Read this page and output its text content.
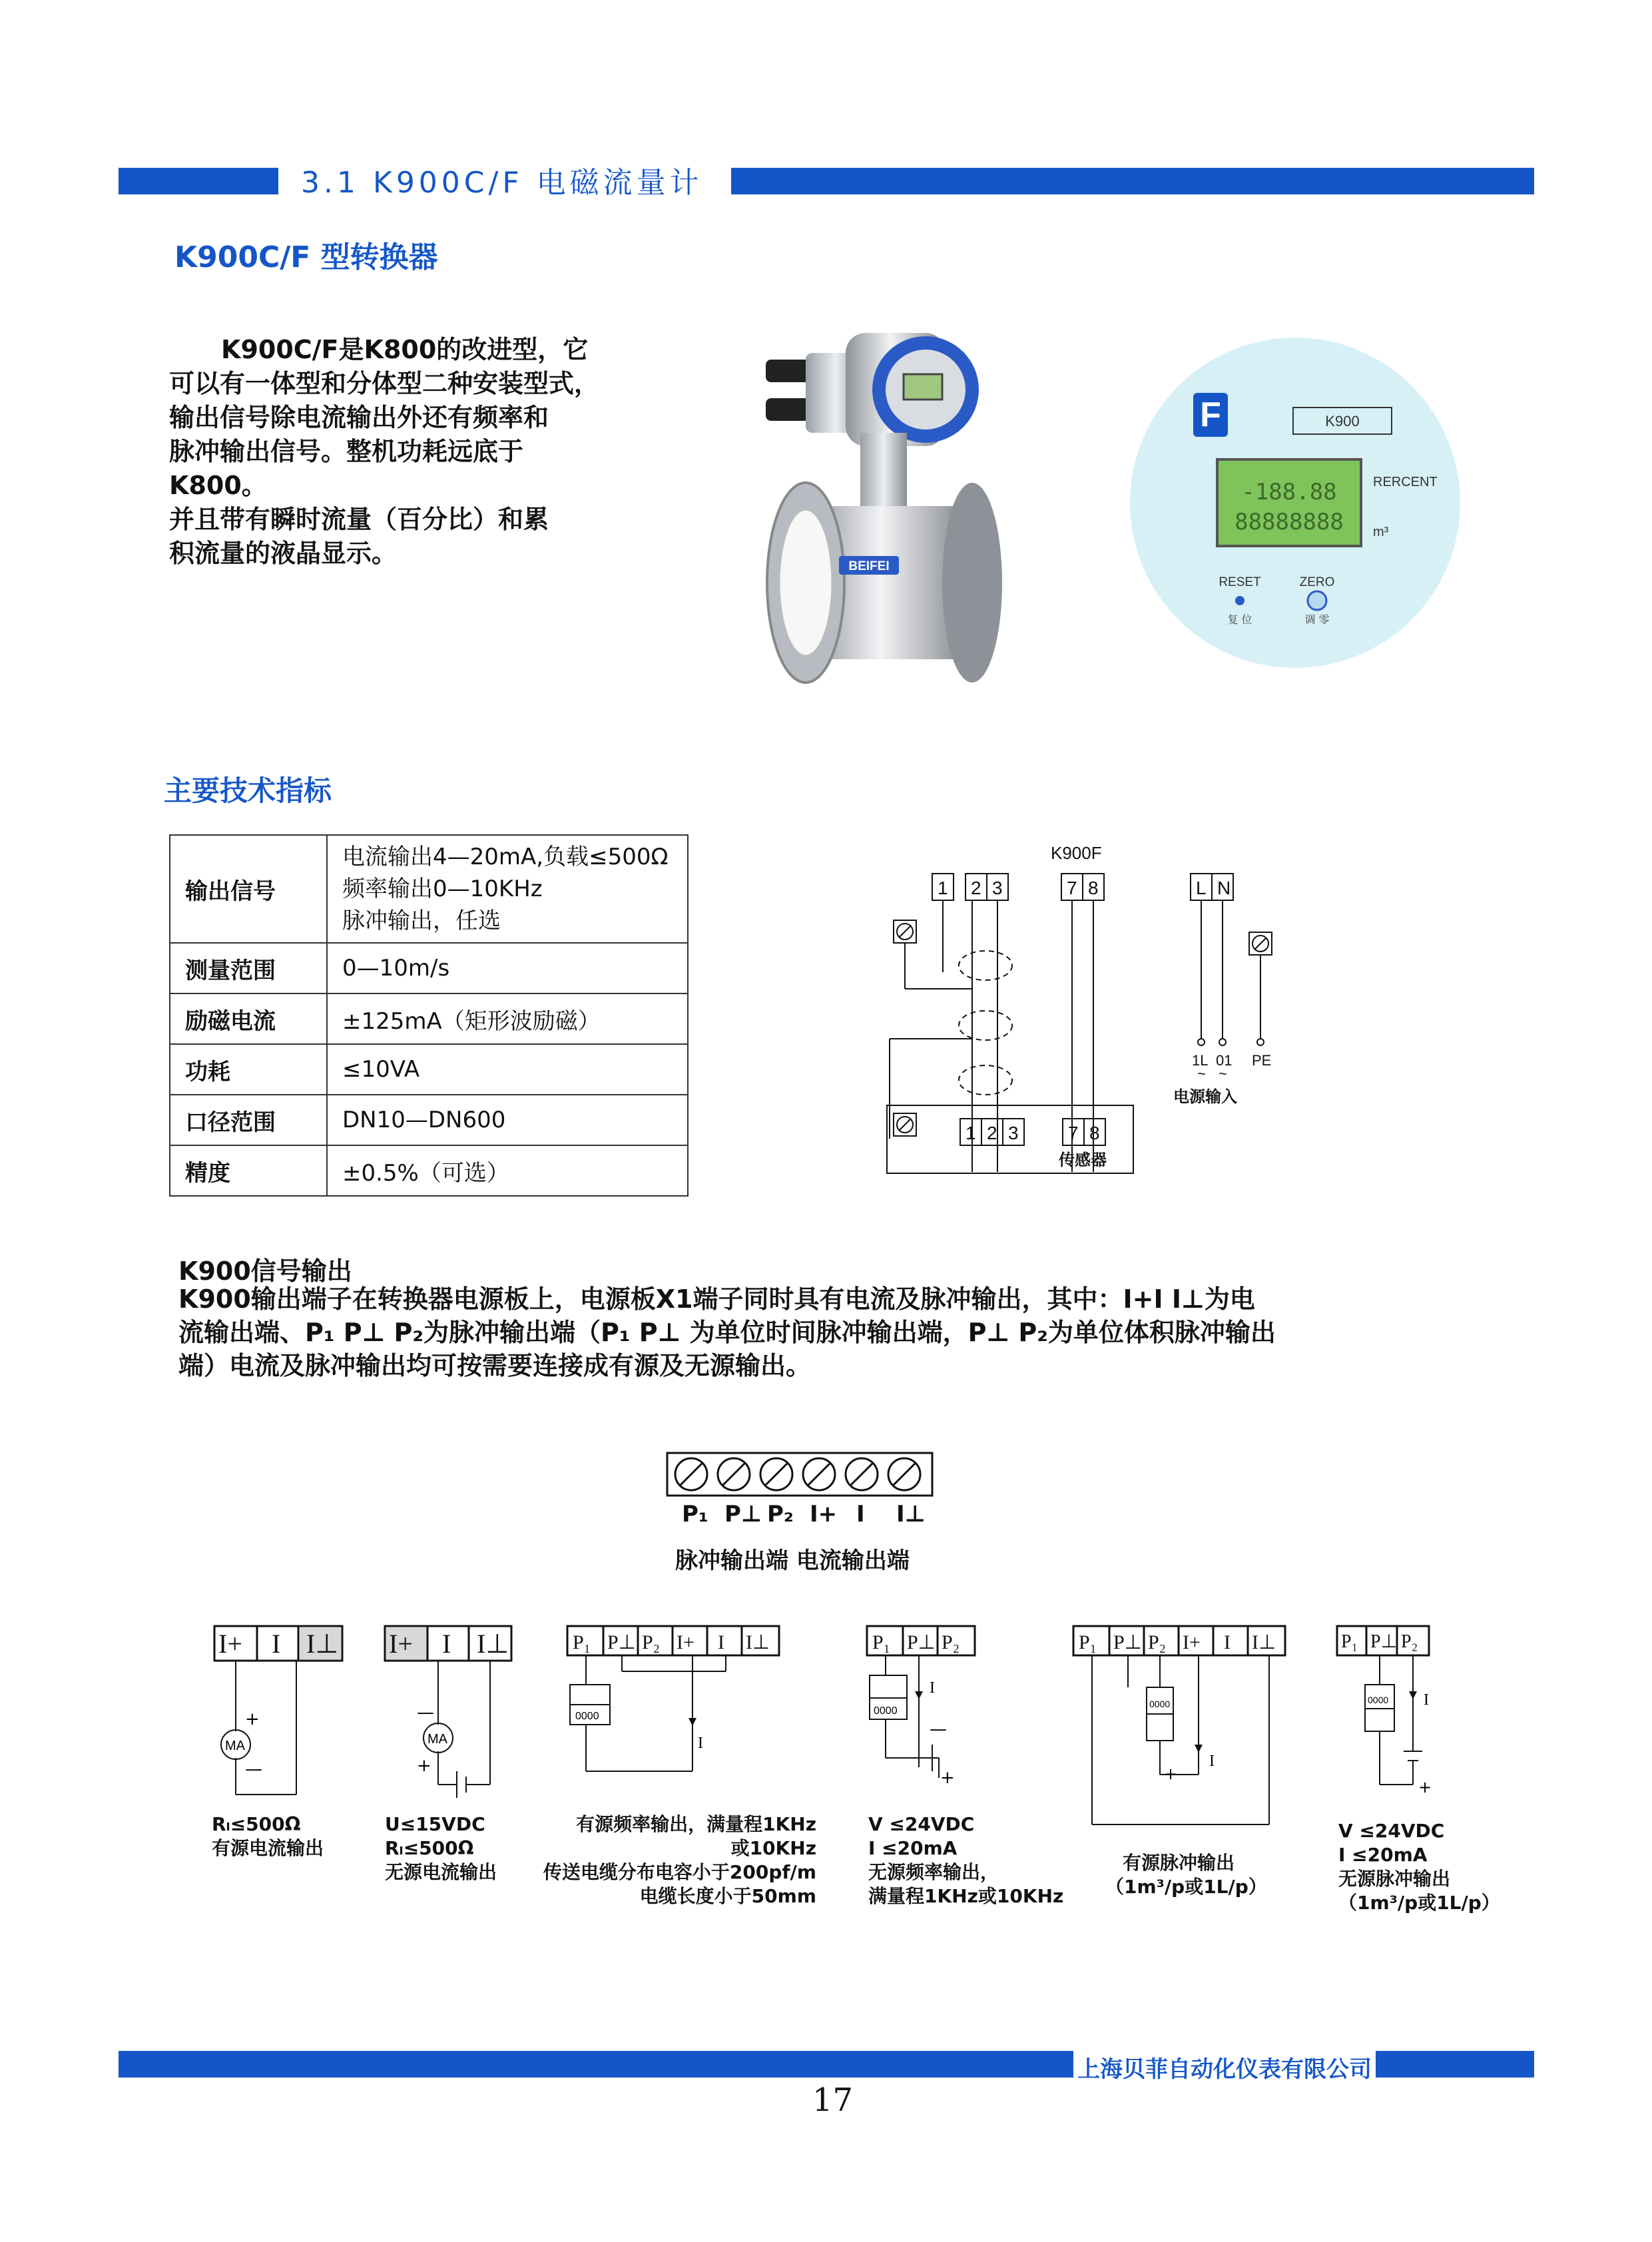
3.1 K900C/F 电磁流量计
K900C/F 型转换器
K900C/F是K800的改进型，它
可以有一体型和分体型二种安装型式，
输出信号除电流输出外还有频率和
脉冲输出信号。整机功耗远底于K800。
并且带有瞬时流量（百分比）和累
积流量的液晶显示。	BEIFEI
F	K900
-188.88
88888888
RERCENT
m³
RESET	ZERO
复 位	调 零
主要技术指标
输出信号	电流输出4—20mA,负载≤500Ω
频率输出0—10KHz
脉冲输出，任选

测量范围	0—10m/s
励磁电流	±125mA（矩形波励磁）
功耗	≤10VA
口径范围	DN10—DN600
精度	±0.5%（可选）
K900F
1 2 3	7 8	L N
1 2 3	7 8
1L 01 PE
~ ~
电源输入
传感器
K900信号输出
K900输出端子在转换器电源板上，电源板X1端子同时具有电流及脉冲输出，其中：I+I I⊥为电
流输出端、P₁ P⊥ P₂为脉冲输出端（P₁ P⊥ 为单位时间脉冲输出端，P⊥ P₂为单位体积脉冲输出
端）电流及脉冲输出均可按需要连接成有源及无源输出。
P₁ P⊥ P₂ I+ I I⊥
脉冲输出端 电流输出端
I+ I I⊥
MA
+
—
Rₗ≤500Ω
有源电流输出
I+ I I⊥
MA
—
+
U≤15VDC
Rₗ≤500Ω
无源电流输出
P₁ P⊥ P₂ I+ I I⊥
0000
I
有源频率输出，满量程1KHz
或10KHz
传送电缆分布电容小于200pf/m
电缆长度小于50mm
P₁ P⊥ P₂
0000
I
—
+
V ≤24VDC
I ≤20mA
无源频率输出，
满量程1KHz或10KHz
P₁ P⊥ P₂ I+ I I⊥
0000
I
+
有源脉冲输出
（1m³/p或1L/p）
P₁ P⊥ P₂
0000 I
+
V ≤24VDC
I ≤20mA
无源脉冲输出
（1m³/p或1L/p）
上海贝菲自动化仪表有限公司
17
